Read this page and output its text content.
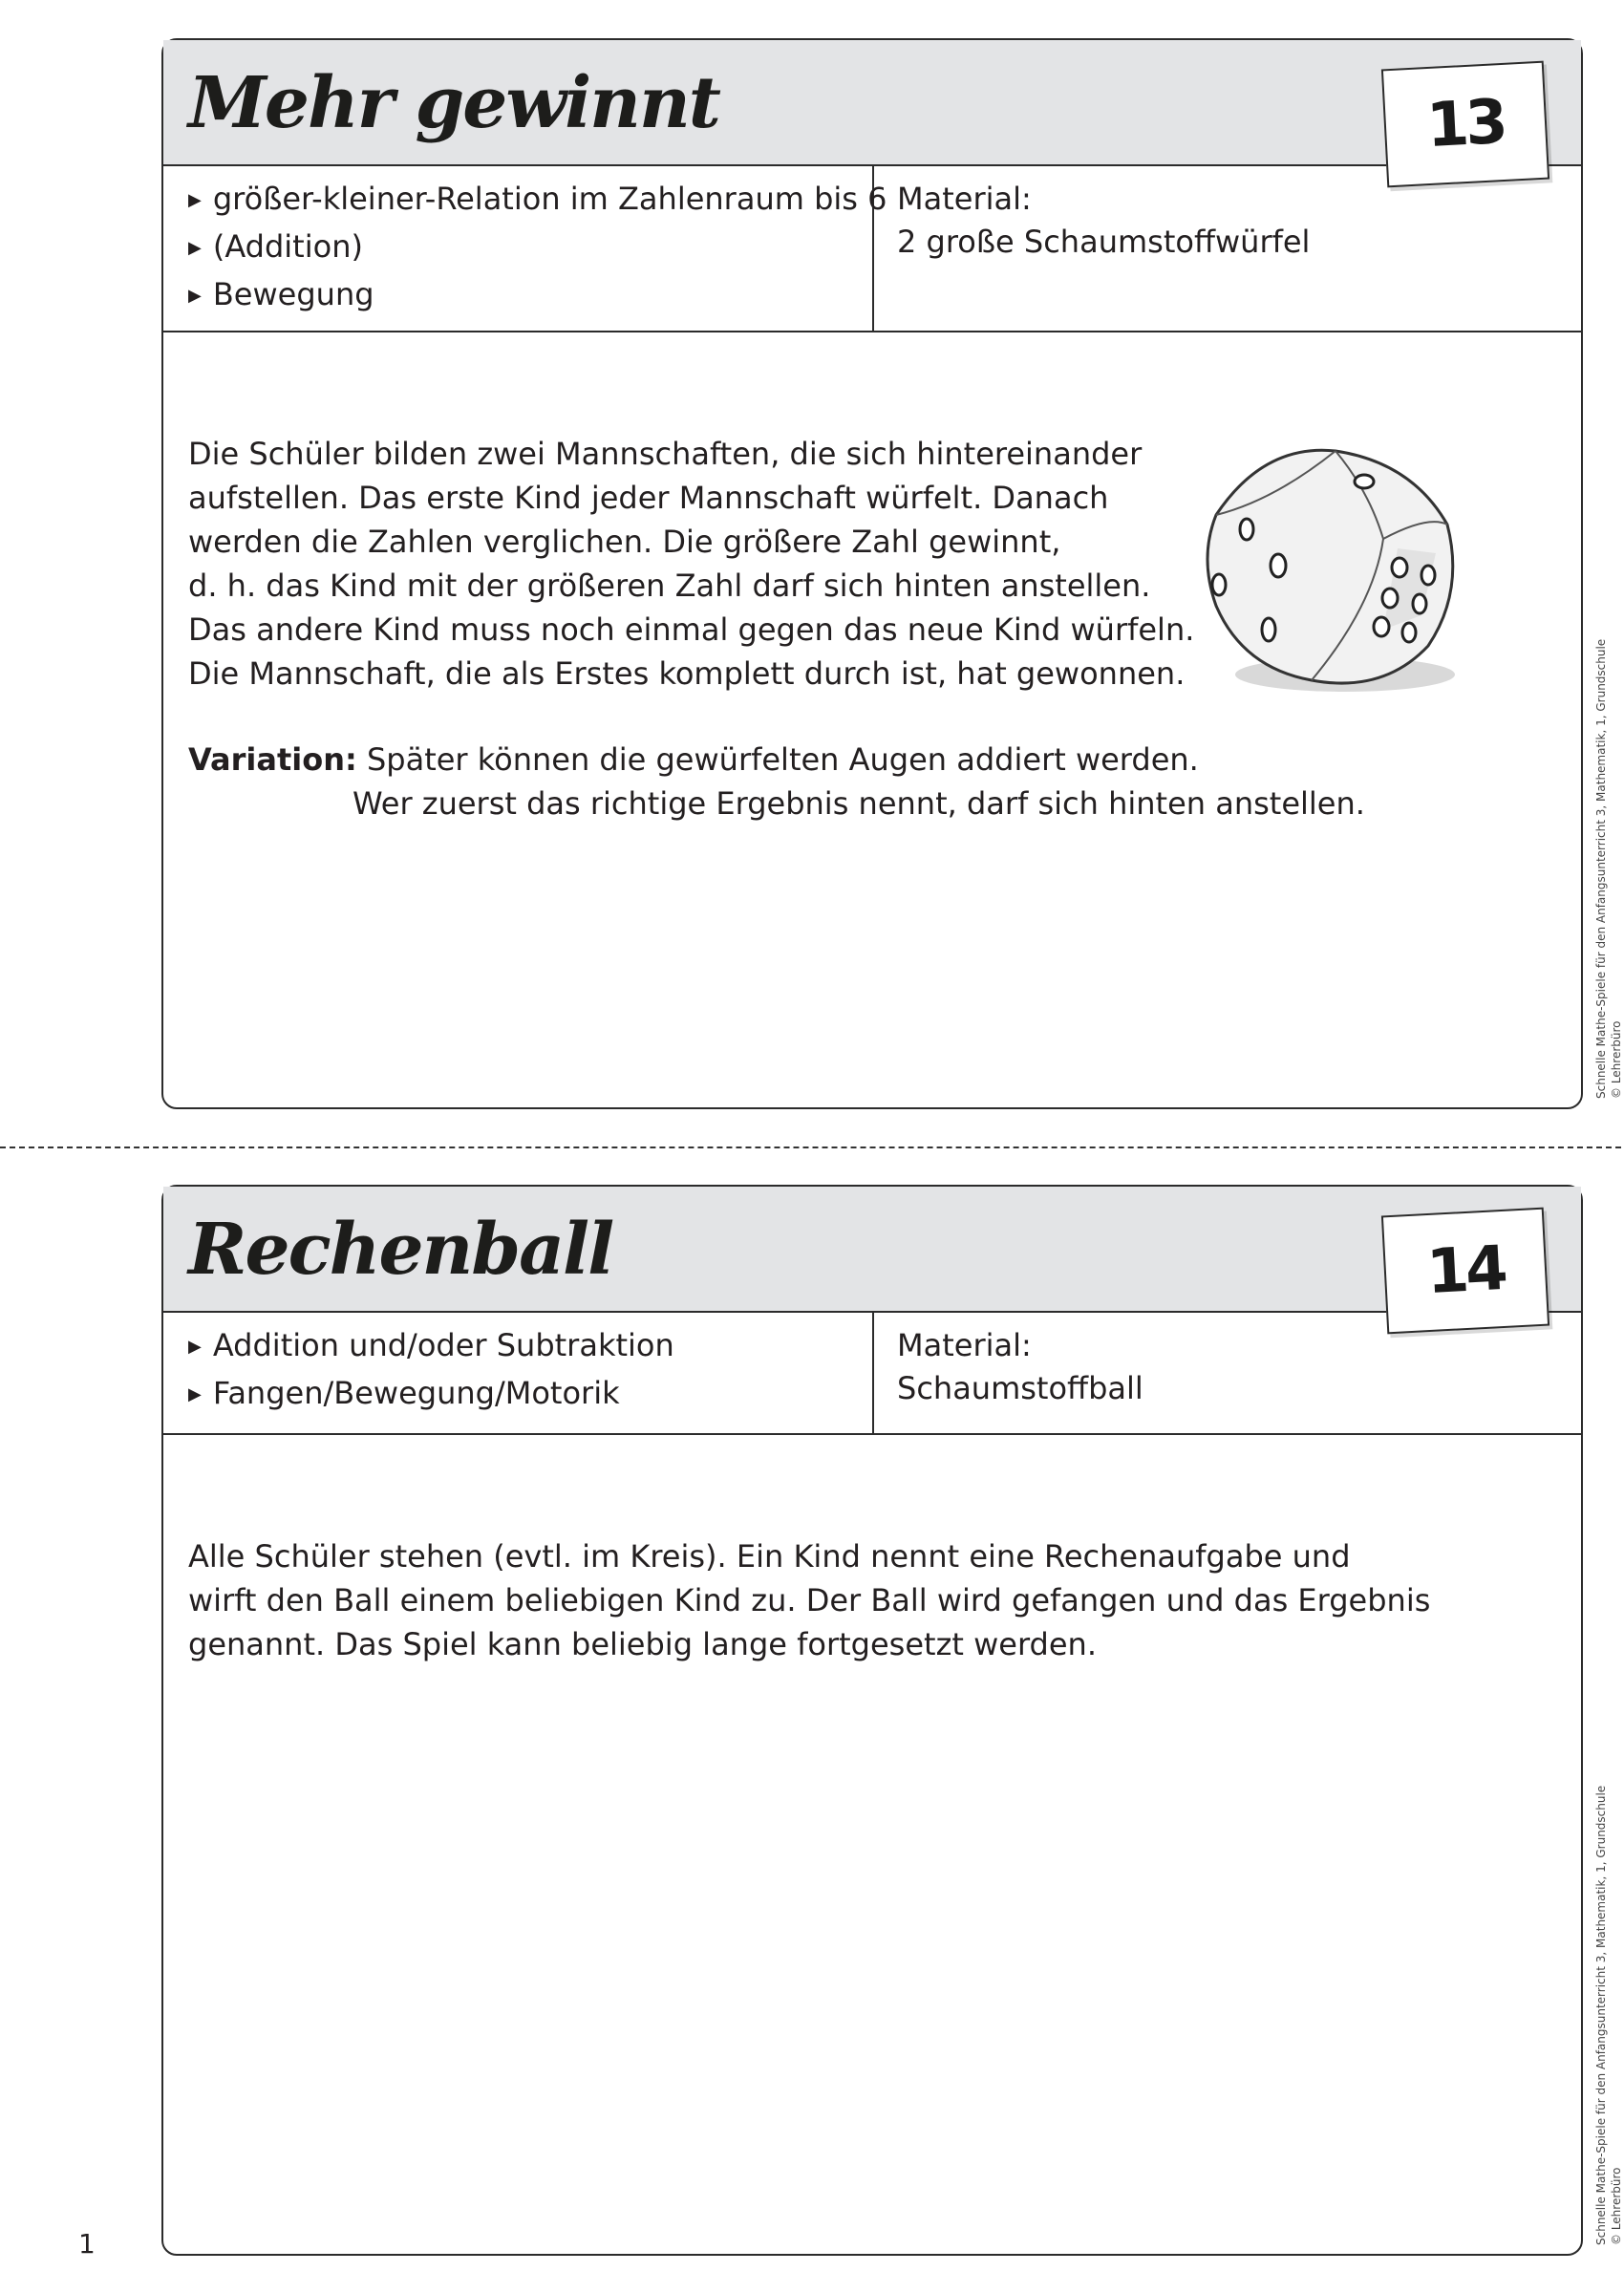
Mehr gewinnt	13
▶ größer-kleiner-Relation im Zahlenraum bis 6
▶ (Addition)
▶ Bewegung
Material:
2 große Schaumstoffwürfel

Die Schüler bilden zwei Mannschaften, die sich hintereinander

aufstellen. Das erste Kind jeder Mannschaft würfelt. Danach

werden die Zahlen verglichen. Die größere Zahl gewinnt,

d. h. das Kind mit der größeren Zahl darf sich hinten anstellen.

Das andere Kind muss noch einmal gegen das neue Kind würfeln.

Die Mannschaft, die als Erstes komplett durch ist, hat gewonnen.

Variation: Später können die gewürfelten Augen addiert werden.
Wer zuerst das richtige Ergebnis nennt, darf sich hinten anstellen.	Schnelle Mathe-Spiele für den Anfangsunterricht 3, Mathematik, 1, Grundschule © Lehrerbüro
Rechenball	14
▶ Addition und/oder Subtraktion
▶ Fangen/Bewegung/Motorik
Material:
Schaumstoffball

Alle Schüler stehen (evtl. im Kreis). Ein Kind nennt eine Rechenaufgabe und

wirft den Ball einem beliebigen Kind zu. Der Ball wird gefangen und das Ergebnis

genannt. Das Spiel kann beliebig lange fortgesetzt werden.

Schnelle Mathe-Spiele für den Anfangsunterricht 3, Mathematik, 1, Grundschule © Lehrerbüro
1
